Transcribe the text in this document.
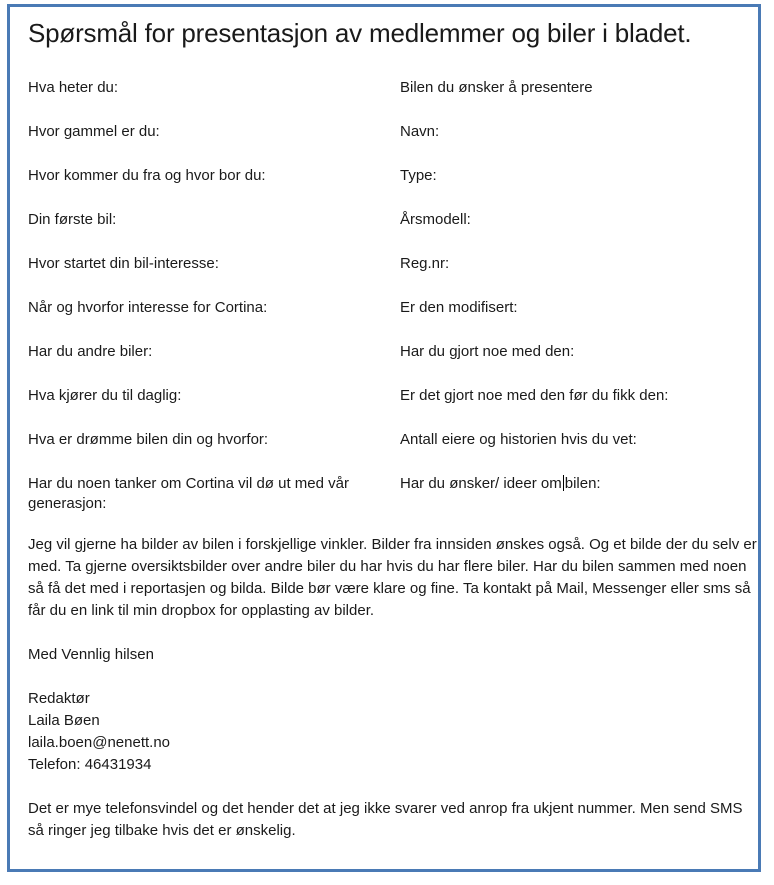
Spørsmål for presentasjon av medlemmer og biler i bladet.
Hva heter du:
Hvor gammel er du:
Hvor kommer du fra og hvor bor du:
Din første bil:
Hvor startet din bil-interesse:
Når og hvorfor interesse for Cortina:
Har du andre biler:
Hva kjører du til daglig:
Hva er drømme bilen din og hvorfor:
Har du noen tanker om Cortina vil dø ut med vår generasjon:
Bilen du ønsker å presentere
Navn:
Type:
Årsmodell:
Reg.nr:
Er den modifisert:
Har du gjort noe med den:
Er det gjort noe med den før du fikk den:
Antall eiere og historien hvis du vet:
Har du ønsker/ ideer om bilen:

Jeg vil gjerne ha bilder av bilen i forskjellige vinkler. Bilder fra innsiden ønskes også. Og et bilde der du selv er med. Ta gjerne oversiktsbilder over andre biler du har hvis du har flere biler. Har du bilen sammen med noen så få det med i reportasjen og bilda. Bilde bør være klare og fine. Ta kontakt på Mail, Messenger eller sms så får du en link til min dropbox for opplasting av bilder.

Med Vennlig hilsen

Redaktør
Laila Bøen
laila.boen@nenett.no
Telefon: 46431934

Det er mye telefonsvindel og det hender det at jeg ikke svarer ved anrop fra ukjent nummer. Men send SMS så ringer jeg tilbake hvis det er ønskelig.
